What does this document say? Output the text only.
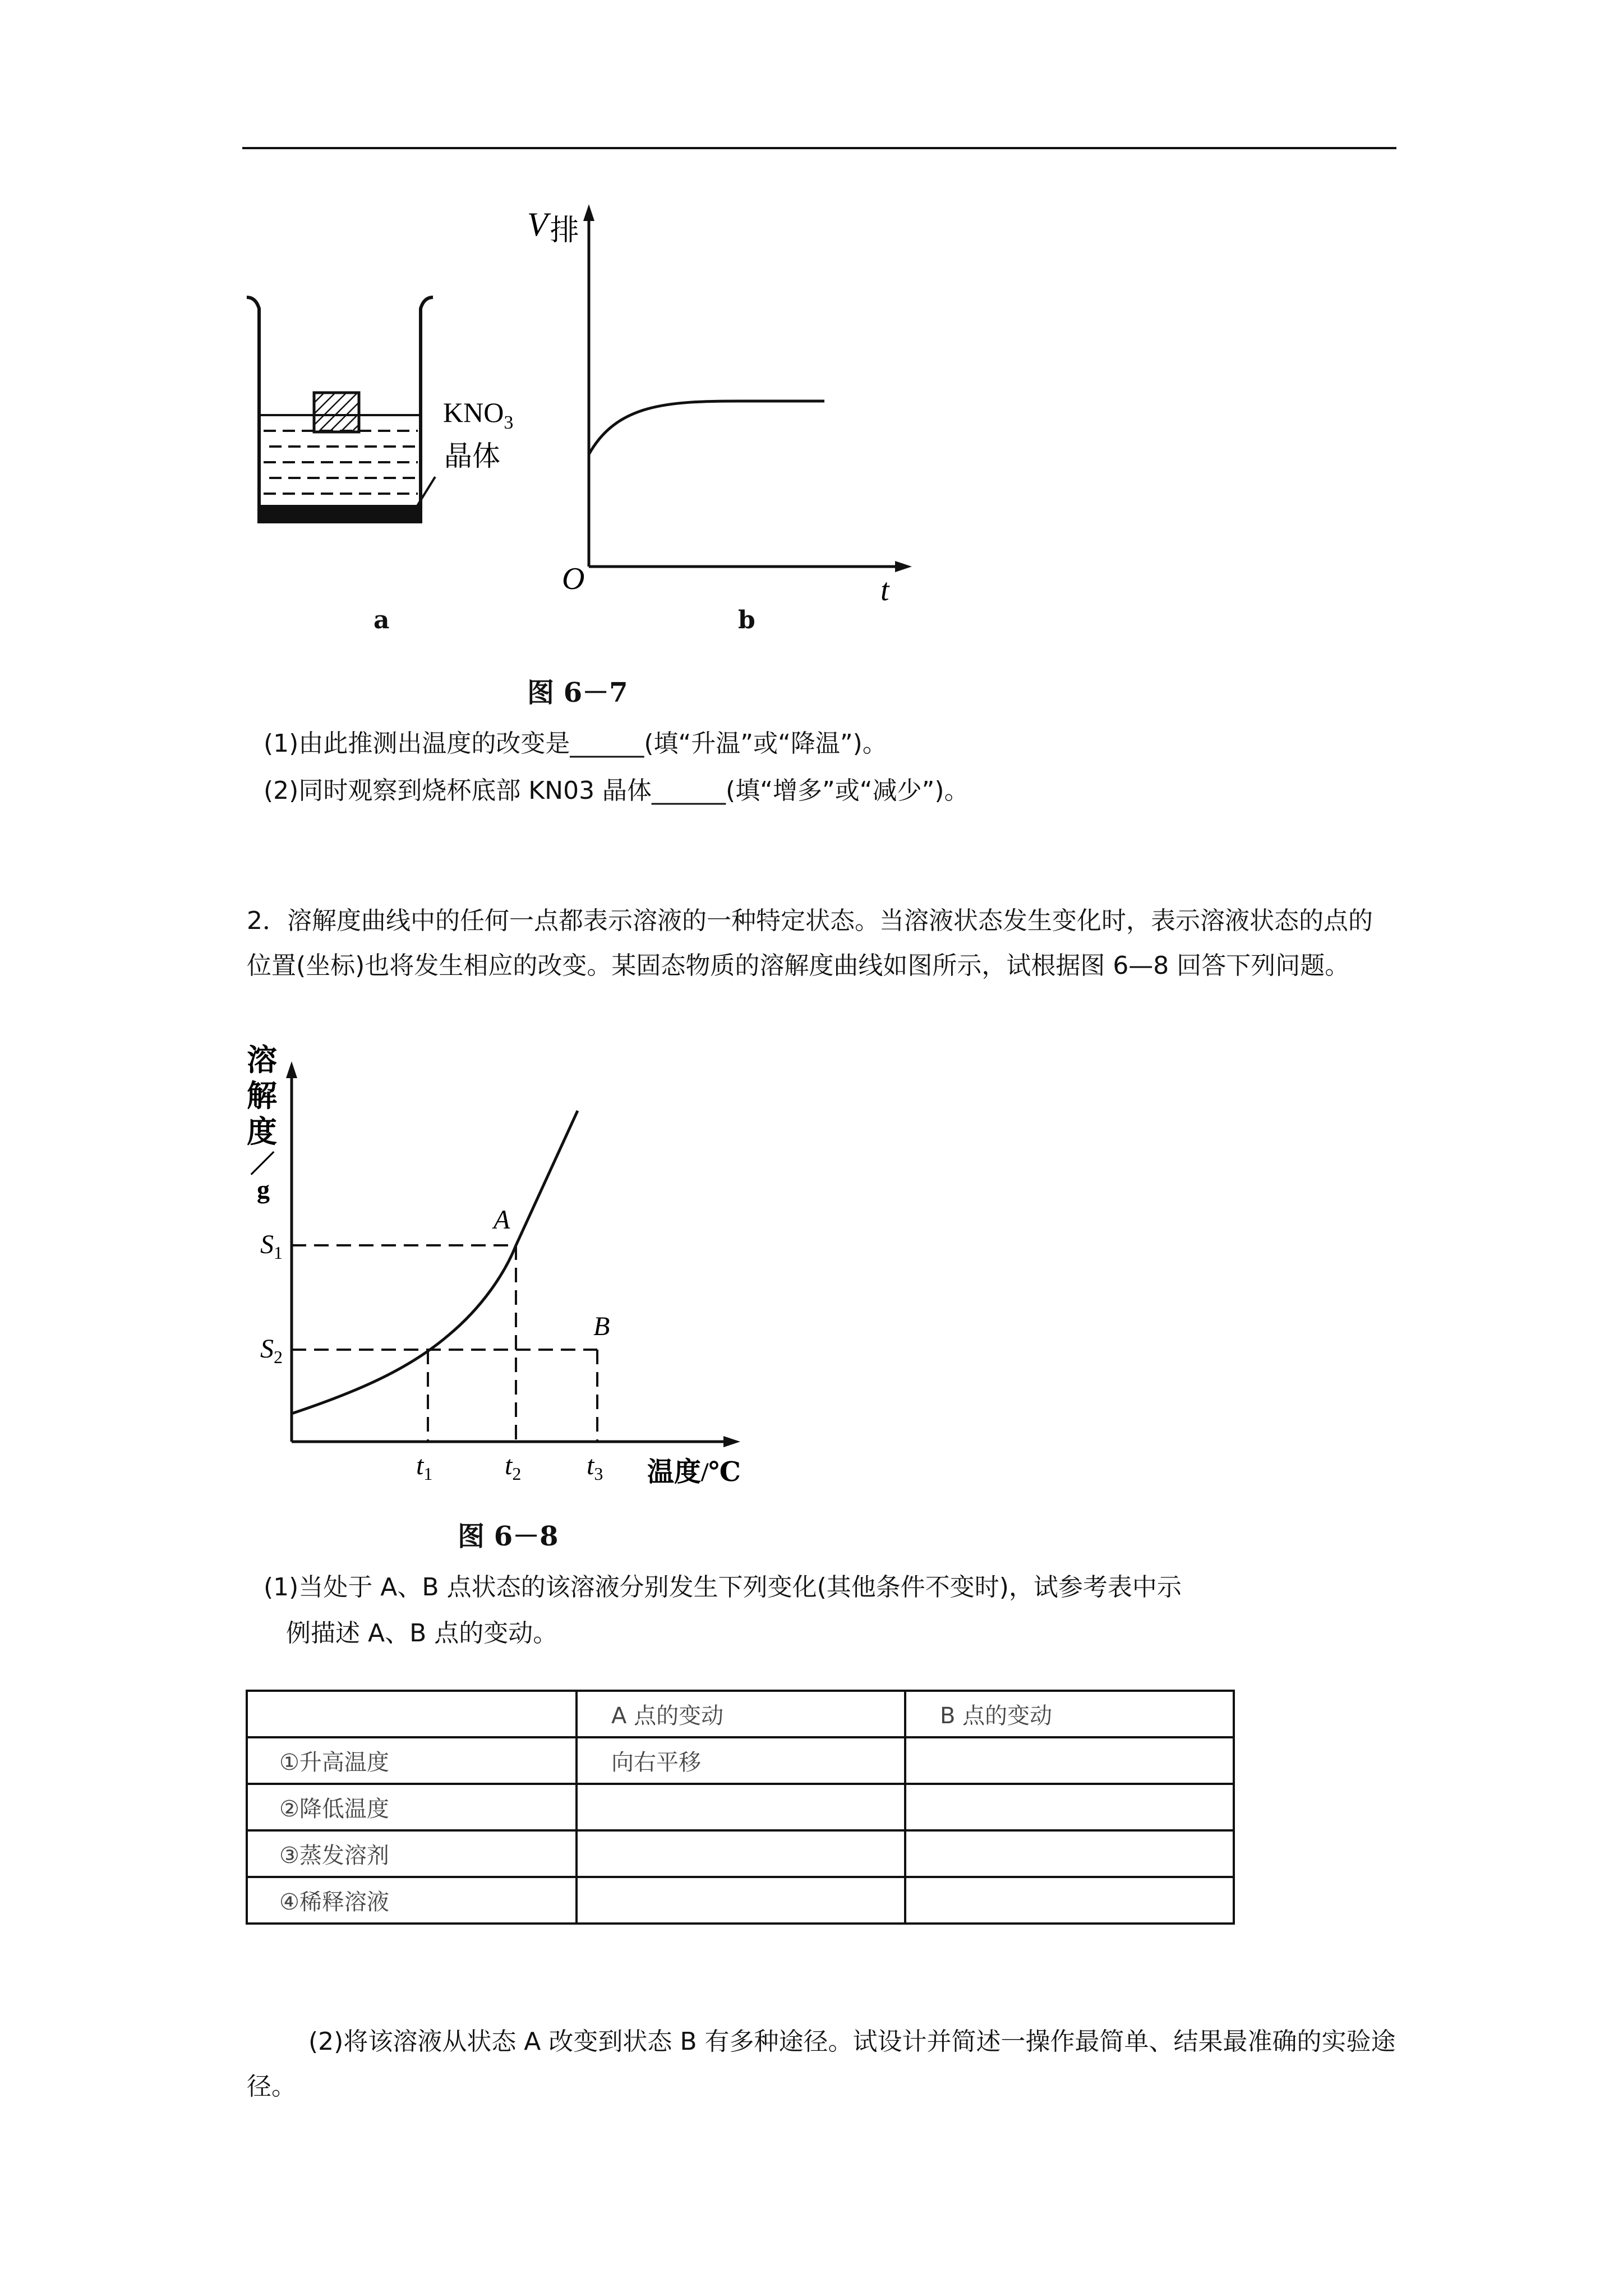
$KNO_3$
晶体
a
V排
O	t
b
图 6－7
(1)由此推测出温度的改变是______(填“升温”或“降温”)。
(2)同时观察到烧杯底部 KN03 晶体______(填“增多”或“减少”)。
2．溶解度曲线中的任何一点都表示溶液的一种特定状态。当溶液状态发生变化时，表示溶液状态的点的位置(坐标)也将发生相应的改变。某固态物质的溶解度曲线如图所示，试根据图 6—8 回答下列问题。
溶
解
度
／
g
A
B
$S_1$
$S_2$
$t_1$	$t_2$ $t_3$ 温度/℃
图 6－8
(1)当处于 A、B 点状态的该溶液分别发生下列变化(其他条件不变时)，试参考表中示
例描述 A、B 点的变动。
	A 点的变动	B 点的变动
①升高温度	向右平移	
②降低温度		
③蒸发溶剂		
④稀释溶液		
(2)将该溶液从状态 A 改变到状态 B 有多种途径。试设计并简述一操作最简单、结果最准确的实验途径。
